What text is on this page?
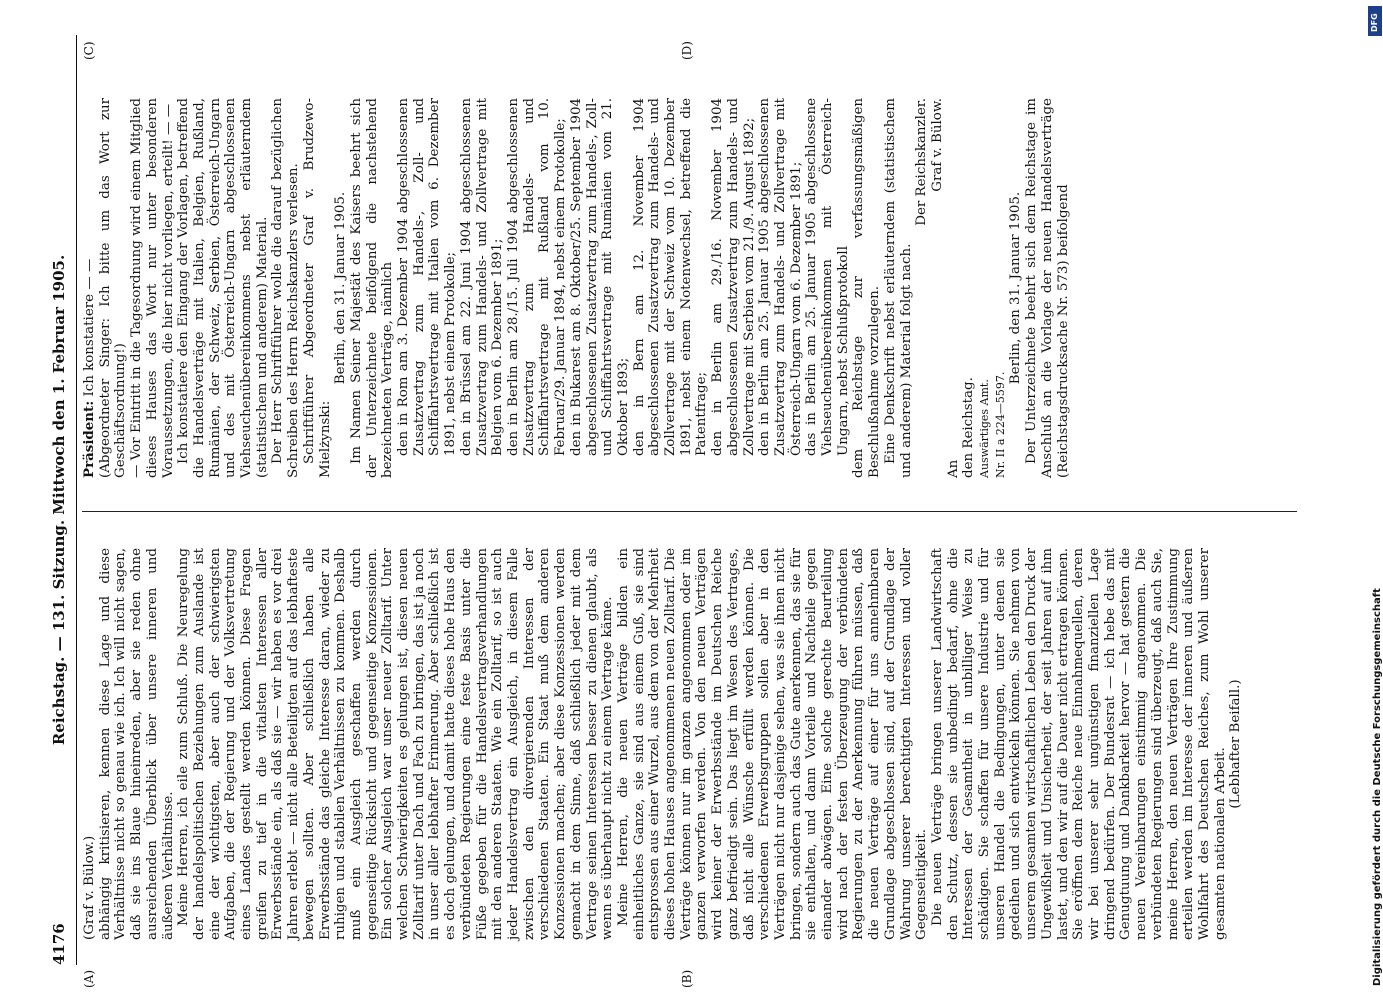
4176
Reichstag. — 131. Sitzung. Mittwoch den 1. Februar 1905.
(A)	(B)
(C)	(D)

(Graf v. Bülow.) abhängig kritisieren, kennen diese Lage und diese Verhältnisse nicht so genau wie ich. Ich will nicht sagen, daß sie ins Blaue hineinreden, aber sie reden ohne ausreichenden Überblick über unsere inneren und äußeren Verhältnisse. Meine Herren, ich eile zum Schluß. Die Neuregelung der handelspolitischen Beziehungen zum Auslande ist eine der wichtigsten, aber auch der schwierigsten Aufgaben, die der Regierung und der Volksvertretung eines Landes gestellt werden können. Diese Fragen greifen zu tief in die vitalsten Interessen aller Erwerbsstände ein, als daß sie — wir haben es vor drei Jahren erlebt — nicht alle Beteiligten auf das lebhafteste bewegen sollten. Aber schließlich haben alle Erwerbsstände das gleiche Interesse daran, wieder zu ruhigen und stabilen Verhältnissen zu kommen. Deshalb muß ein Ausgleich geschaffen werden durch gegenseitige Rücksicht und gegenseitige Konzessionen. Ein solcher Ausgleich war unser neuer Zolltarif. Unter welchen Schwierigkeiten es gelungen ist, diesen neuen Zolltarif unter Dach und Fach zu bringen, das ist ja noch in unser aller lebhafter Erinnerung. Aber schließlich ist es doch gelungen, und damit hatte dieses hohe Haus den verbündeten Regierungen eine feste Basis unter die Füße gegeben für die Handelsvertragsverhandlungen mit den anderen Staaten. Wie ein Zolltarif, so ist auch jeder Handelsvertrag ein Ausgleich, in diesem Falle zwischen den divergierenden Interessen der verschiedenen Staaten. Ein Staat muß dem anderen Konzessionen machen; aber diese Konzessionen werden gemacht in dem Sinne, daß schließlich jeder mit dem Vertrage seinen Interessen besser zu dienen glaubt, als wenn es überhaupt nicht zu einem Vertrage käme. Meine Herren, die neuen Verträge bilden ein einheitliches Ganze, sie sind aus einem Guß, sie sind entsprossen aus einer Wurzel, aus dem von der Mehrheit dieses hohen Hauses angenommenen neuen Zolltarif. Die Verträge können nur im ganzen angenommen oder im ganzen verworfen werden. Von den neuen Verträgen wird keiner der Erwerbsstände im Deutschen Reiche ganz befriedigt sein. Das liegt im Wesen des Vertrages, daß nicht alle Wünsche erfüllt werden können. Die verschiedenen Erwerbsgruppen sollen aber in den Verträgen nicht nur dasjenige sehen, was sie ihnen nicht bringen, sondern auch das Gute anerkennen, das sie für sie enthalten, und dann Vorteile und Nachteile gegen einander abwägen. Eine solche gerechte Beurteilung wird nach der festen Überzeugung der verbündeten Regierungen zu der Anerkennung führen müssen, daß die neuen Verträge auf einer für uns annehmbaren Grundlage abgeschlossen sind, auf der Grundlage der Wahrung unserer berechtigten Interessen und voller Gegenseitigkeit. Die neuen Verträge bringen unserer Landwirtschaft den Schutz, dessen sie unbedingt bedarf, ohne die Interessen der Gesamtheit in unbilliger Weise zu schädigen. Sie schaffen für unsere Industrie und für unseren Handel die Bedingungen, unter denen sie gedeihen und sich entwickeln können. Sie nehmen von unserem gesamten wirtschaftlichen Leben den Druck der Ungewißheit und Unsicherheit, der seit Jahren auf ihm lastet, und den wir auf die Dauer nicht ertragen können. Sie eröffnen dem Reiche neue Einnahmequellen, deren wir bei unserer sehr ungünstigen finanziellen Lage dringend bedürfen. Der Bundesrat — ich hebe das mit Genugtuung und Dankbarkeit hervor — hat gestern die neuen Vereinbarungen einstimmig angenommen. Die verbündeten Regierungen sind überzeugt, daß auch Sie, meine Herren, den neuen Verträgen Ihre Zustimmung erteilen werden im Interesse der inneren und äußeren Wohlfahrt des Deutschen Reiches, zum Wohl unserer gesamten nationalen Arbeit.

(Lebhafter Beifall.)

Präsident: Ich konstatiere — — (Abgeordneter Singer: Ich bitte um das Wort zur Geschäftsordnung!) — Vor Eintritt in die Tagesordnung wird einem Mitglied dieses Hauses das Wort nur unter besonderen Voraussetzungen, die hier nicht vorliegen, erteilt! — — Ich konstatiere den Eingang der Vorlagen, betreffend die Handelsverträge mit Italien, Belgien, Rußland, Rumänien, der Schweiz, Serbien, Österreich-Ungarn und des mit Österreich-Ungarn abgeschlossenen Viehseuchenübereinkommens nebst erläuterndem (statistischem und anderem) Material. Der Herr Schriftführer wolle die darauf bezüglichen Schreiben des Herrn Reichskanzlers verlesen. Schriftführer Abgeordneter Graf v. Brudzewo-Mielżynski:

Berlin, den 31. Januar 1905. Im Namen Seiner Majestät des Kaisers beehrt sich der Unterzeichnete beifolgend die nachstehend bezeichneten Verträge, nämlich den in Rom am 3. Dezember 1904 abgeschlossenen Zusatzvertrag zum Handels-, Zoll- und Schiffahrtsvertrage mit Italien vom 6. Dezember 1891, nebst einem Protokolle; den in Brüssel am 22. Juni 1904 abgeschlossenen Zusatzvertrag zum Handels- und Zollvertrage mit Belgien vom 6. Dezember 1891; den in Berlin am 28./15. Juli 1904 abgeschlossenen Zusatzvertrag zum Handels- und Schiffahrtsvertrage mit Rußland vom 10. Februar/29. Januar 1894, nebst einem Protokolle; den in Bukarest am 8. Oktober/25. September 1904 abgeschlossenen Zusatzvertrag zum Handels-, Zoll- und Schiffahrtsvertrage mit Rumänien vom 21. Oktober 1893; den in Bern am 12. November 1904 abgeschlossenen Zusatzvertrag zum Handels- und Zollvertrage mit der Schweiz vom 10. Dezember 1891, nebst einem Notenwechsel, betreffend die Patentfrage; den in Berlin am 29./16. November 1904 abgeschlossenen Zusatzvertrag zum Handels- und Zollvertrage mit Serbien vom 21./9. August 1892; den in Berlin am 25. Januar 1905 abgeschlossenen Zusatzvertrag zum Handels- und Zollvertrage mit Österreich-Ungarn vom 6. Dezember 1891; das in Berlin am 25. Januar 1905 abgeschlossene Viehseuchenübereinkommen mit Österreich-Ungarn, nebst Schlußprotokoll dem Reichstage zur verfassungsmäßigen Beschlußnahme vorzulegen. Eine Denkschrift nebst erläuterndem (statistischem und anderem) Material folgt nach.

Der Reichskanzler. Graf v. Bülow.

An den Reichstag. Auswärtiges Amt. Nr. II a 224—5597.

Berlin, den 31. Januar 1905. Der Unterzeichnete beehrt sich dem Reichstage im Anschluß an die Vorlage der neuen Handelsverträge (Reichstagsdrucksache Nr. 573) beifolgend

DFG
Digitalisierung gefördert durch die Deutsche Forschungsgemeinschaft
